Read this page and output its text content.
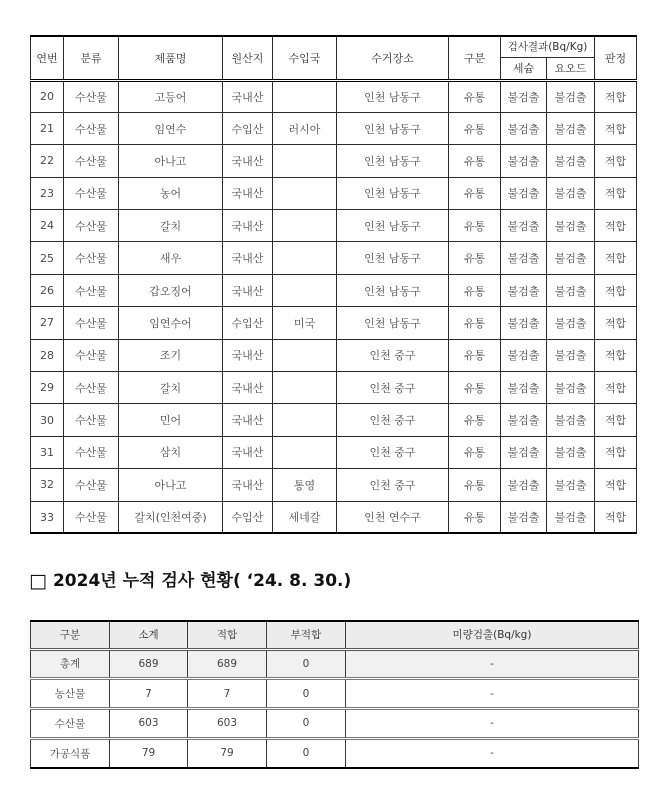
연번	분류	제품명	원산지	수입국	수거장소	구분	검사결과(Bq/Kg)		판정
							세슘	요오드	
20	수산물	고등어	국내산		인천 남동구	유통	불검출	불검출	적합
21	수산물	임연수	수입산	러시아	인천 남동구	유통	불검출	불검출	적합
22	수산물	아나고	국내산		인천 남동구	유통	불검출	불검출	적합
23	수산물	농어	국내산		인천 남동구	유통	불검출	불검출	적합
24	수산물	갈치	국내산		인천 남동구	유통	불검출	불검출	적합
25	수산물	새우	국내산		인천 남동구	유통	불검출	불검출	적합
26	수산물	갑오징어	국내산		인천 남동구	유통	불검출	불검출	적합
27	수산물	임연수어	수입산	미국	인천 남동구	유통	불검출	불검출	적합
28	수산물	조기	국내산		인천 중구	유통	불검출	불검출	적합
29	수산물	갈치	국내산		인천 중구	유통	불검출	불검출	적합
30	수산물	민어	국내산		인천 중구	유통	불검출	불검출	적합
31	수산물	삼치	국내산		인천 중구	유통	불검출	불검출	적합
32	수산물	아나고	국내산	통영	인천 중구	유통	불검출	불검출	적합
33	수산물	갈치(인천여중)	수입산	세네갈	인천 연수구	유통	불검출	불검출	적합
□ 2024년 누적 검사 현황( ‘24. 8. 30.)
구분	소계	적합	부적합	미량검출(Bq/kg)
총계	689	689	0	-
농산물	7	7	0	-
수산물	603	603	0	-
가공식품	79	79	0	-
